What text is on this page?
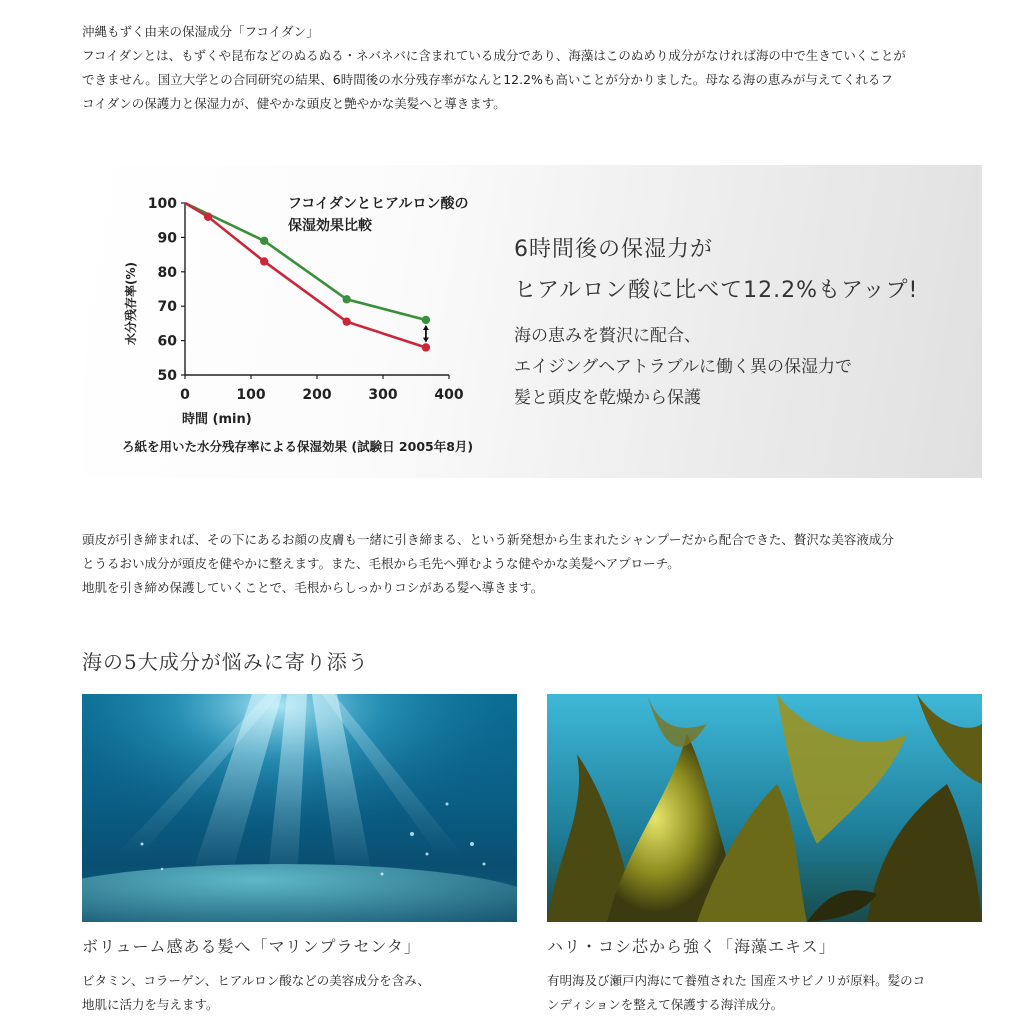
沖縄もずく由来の保湿成分「フコイダン」

フコイダンとは、もずくや昆布などのぬるぬる・ネバネバに含まれている成分であり、海藻はこのぬめり成分がなければ海の中で生きていくことが

できません。国立大学との合同研究の結果、6時間後の水分残存率がなんと12.2%も高いことが分かりました。母なる海の恵みが与えてくれるフ

コイダンの保護力と保湿力が、健やかな頭皮と艶やかな美髪へと導きます。

50
60
70
80
90
100
0	100	200	300	400
フコイダンとヒアルロン酸の
保湿効果比較
時間 (min)
水分残存率(%)
ろ紙を用いた水分残存率による保湿効果 (試験日 2005年8月)
6時間後の保湿力が
ヒアルロン酸に比べて12.2%もアップ!
海の恵みを贅沢に配合、
エイジングヘアトラブルに働く異の保湿力で
髪と頭皮を乾燥から保護

頭皮が引き締まれば、その下にあるお顔の皮膚も一緒に引き締まる、という新発想から生まれたシャンプーだから配合できた、贅沢な美容液成分

とうるおい成分が頭皮を健やかに整えます。また、毛根から毛先へ弾むような健やかな美髪へアプローチ。

地肌を引き締め保護していくことで、毛根からしっかりコシがある髪へ導きます。

海の5大成分が悩みに寄り添う
ボリューム感ある髪へ「マリンプラセンタ」
ビタミン、コラーゲン、ヒアルロン酸などの美容成分を含み、
地肌に活力を与えます。
ハリ・コシ芯から強く「海藻エキス」
有明海及び瀬戸内海にて養殖された 国産スサビノリが原料。髪のコ
ンディションを整えて保護する海洋成分。
